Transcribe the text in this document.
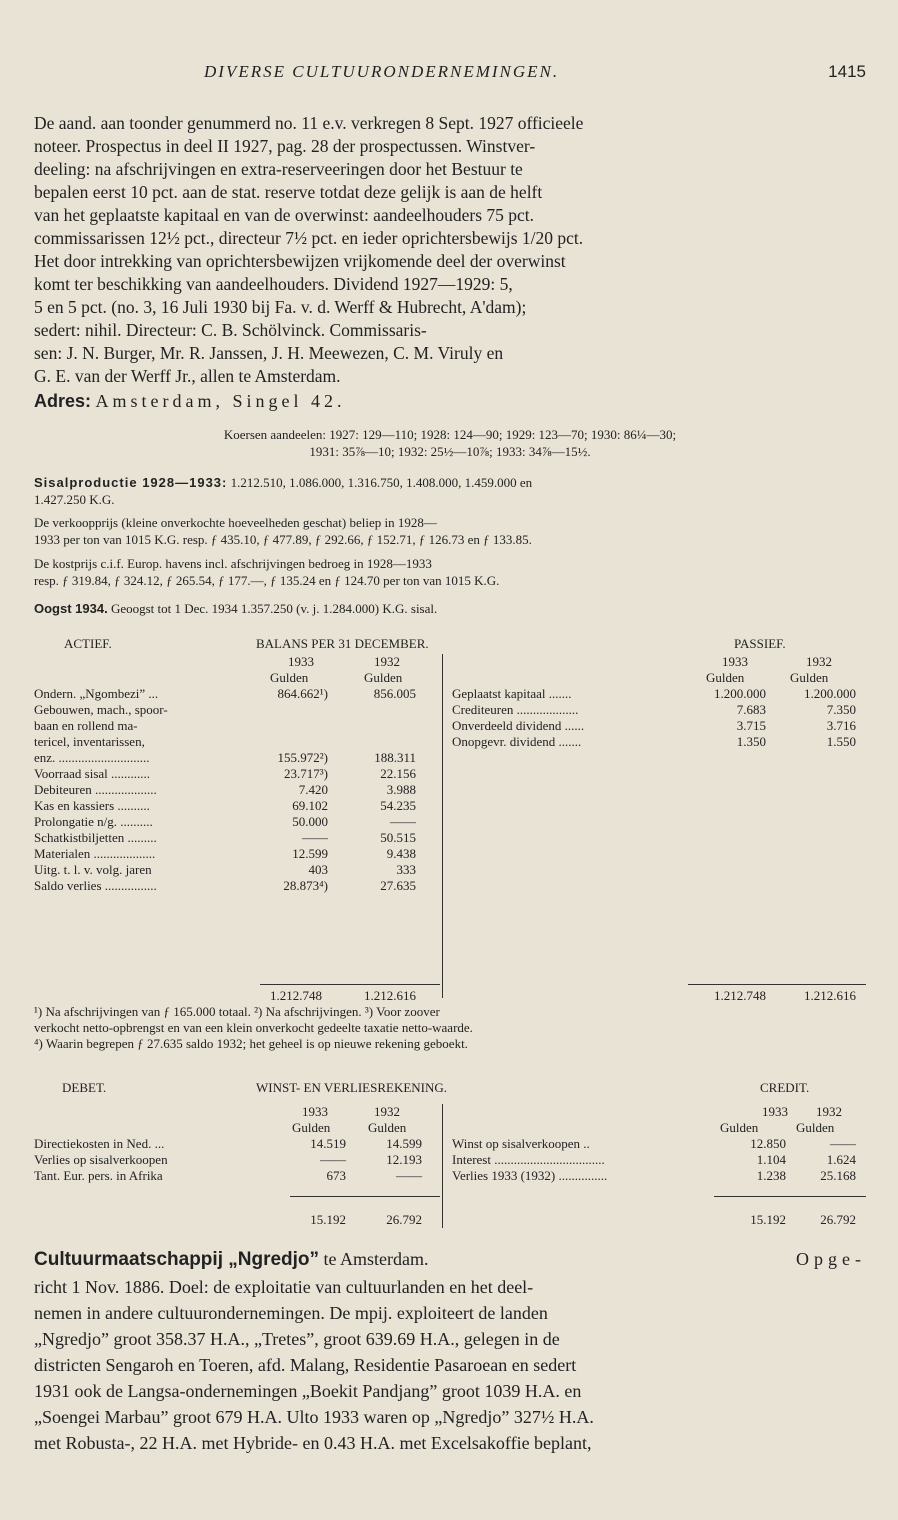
DIVERSE CULTUURONDERNEMINGEN.	1415
De aand. aan toonder genummerd no. 11 e.v. verkregen 8 Sept. 1927 officieele
noteer. Prospectus in deel II 1927, pag. 28 der prospectussen. Winstver-
deeling: na afschrijvingen en extra-reserveeringen door het Bestuur te
bepalen eerst 10 pct. aan de stat. reserve totdat deze gelijk is aan de helft
van het geplaatste kapitaal en van de overwinst: aandeelhouders 75 pct.
commissarissen 12½ pct., directeur 7½ pct. en ieder oprichtersbewijs 1/20 pct.
Het door intrekking van oprichtersbewijzen vrijkomende deel der overwinst
komt ter beschikking van aandeelhouders. Dividend 1927—1929: 5,
5 en 5 pct. (no. 3, 16 Juli 1930 bij Fa. v. d. Werff & Hubrecht, A'dam);
sedert: nihil. Directeur: C. B. Schölvinck. Commissaris-
sen: J. N. Burger, Mr. R. Janssen, J. H. Meewezen, C. M. Viruly en
G. E. van der Werff Jr., allen te Amsterdam.
Adres: Amsterdam, Singel 42.
Koersen aandeelen: 1927: 129—110; 1928: 124—90; 1929: 123—70; 1930: 86¼—30;
1931: 35⅞—10; 1932: 25½—10⅞; 1933: 34⅞—15½.
Sisalproductie 1928—1933: 1.212.510, 1.086.000, 1.316.750, 1.408.000, 1.459.000 en
1.427.250 K.G.
De verkoopprijs (kleine onverkochte hoeveelheden geschat) beliep in 1928—
1933 per ton van 1015 K.G. resp. ƒ 435.10, ƒ 477.89, ƒ 292.66, ƒ 152.71, ƒ 126.73 en ƒ 133.85.
De kostprijs c.i.f. Europ. havens incl. afschrijvingen bedroeg in 1928—1933
resp. ƒ 319.84, ƒ 324.12, ƒ 265.54, ƒ 177.—, ƒ 135.24 en ƒ 124.70 per ton van 1015 K.G.
Oogst 1934. Geoogst tot 1 Dec. 1934 1.357.250 (v. j. 1.284.000) K.G. sisal.
ACTIEF.	BALANS PER 31 DECEMBER.	PASSIEF.
1933	1932	1933	1932
Gulden	Gulden	Gulden	Gulden
Ondern. „Ngombezi” ...	864.662¹)	856.005
Gebouwen, mach., spoor-
baan en rollend ma-
tericel, inventarissen,
enz. ............................	155.972²)	188.311
Voorraad sisal ............	23.717³)	22.156
Debiteuren ...................	7.420	3.988
Kas en kassiers ..........	69.102	54.235
Prolongatie n/g. ..........	50.000	——
Schatkistbiljetten .........	——	50.515
Materialen ...................	12.599	9.438
Uitg. t. l. v. volg. jaren	403	333
Saldo verlies ................	28.873⁴)	27.635
Geplaatst kapitaal .......	1.200.000	1.200.000
Crediteuren ...................	7.683	7.350
Onverdeeld dividend ......	3.715	3.716
Onopgevr. dividend .......	1.350	1.550
1.212.748	1.212.616	1.212.748	1.212.616
¹) Na afschrijvingen van ƒ 165.000 totaal. ²) Na afschrijvingen. ³) Voor zoover
verkocht netto-opbrengst en van een klein onverkocht gedeelte taxatie netto-waarde.
⁴) Waarin begrepen ƒ 27.635 saldo 1932; het geheel is op nieuwe rekening geboekt.
DEBET.	WINST- EN VERLIESREKENING.	CREDIT.
1933	1932	1933 1932
Gulden	Gulden	Gulden	Gulden
Directiekosten in Ned. ...	14.519	14.599
Verlies op sisalverkoopen	——	12.193
Tant. Eur. pers. in Afrika	673	——
Winst op sisalverkoopen ..	12.850	——
Interest ..................................	1.104	1.624
Verlies 1933 (1932) ...............	1.238	25.168
15.192	26.792	15.192	26.792
Cultuurmaatschappij „Ngredjo” te Amsterdam.	Opge-
richt 1 Nov. 1886. Doel: de exploitatie van cultuurlanden en het deel-
nemen in andere cultuurondernemingen. De mpij. exploiteert de landen
„Ngredjo” groot 358.37 H.A., „Tretes”, groot 639.69 H.A., gelegen in de
districten Sengaroh en Toeren, afd. Malang, Residentie Pasaroean en sedert
1931 ook de Langsa-ondernemingen „Boekit Pandjang” groot 1039 H.A. en
„Soengei Marbau” groot 679 H.A. Ulto 1933 waren op „Ngredjo” 327½ H.A.
met Robusta-, 22 H.A. met Hybride- en 0.43 H.A. met Excelsakoffie beplant,
